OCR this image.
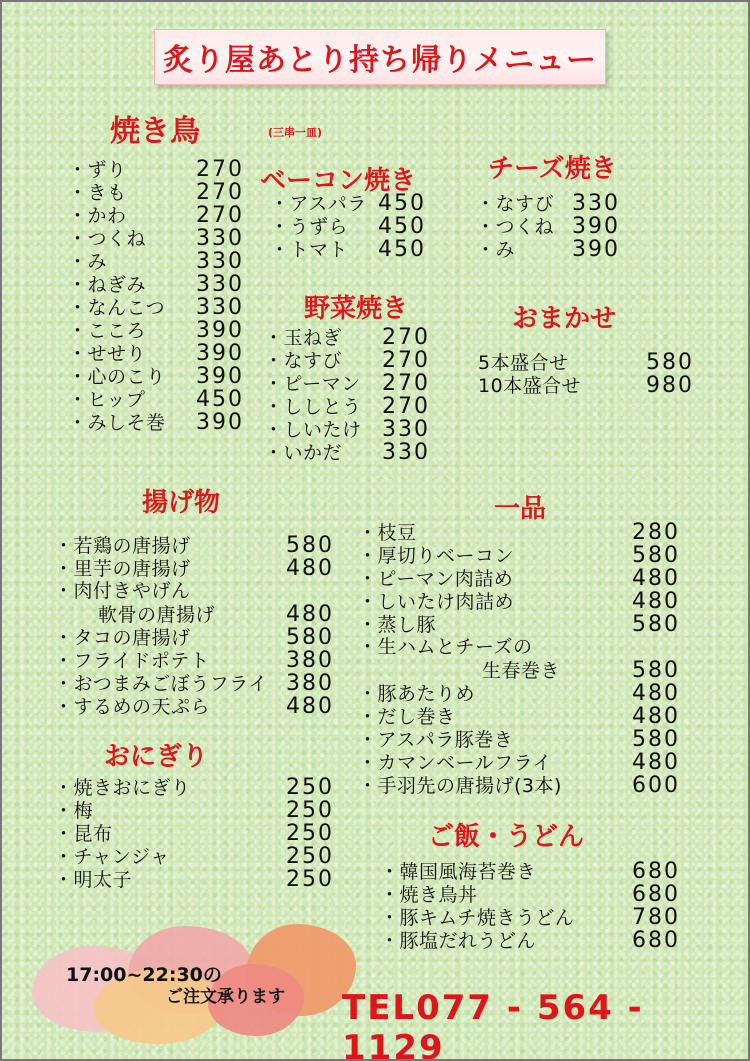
炙り屋あとり持ち帰りメニュー
焼き鳥	(三串一皿)
・ずり	270
・きも	270
・かわ	270
・つくね 330
・み	330
・ねぎみ 330
・なんこつ 330
・こころ 390
・せせり 390
・心のこり 390
・ヒップ 450
・みしそ巻 390
ベーコン焼き
・アスパラ 450
・うずら 450
・トマト 450
チーズ焼き
・なすび 330
・つくね 390
・み	390
野菜焼き
・玉ねぎ 270
・なすび 270
・ピーマン 270
・ししとう 270
・しいたけ 330
・いかだ 330
おまかせ
5本盛合せ	580
10本盛合せ	980
揚げ物
・若鶏の唐揚げ	580
・里芋の唐揚げ	480
・肉付きやげん
軟骨の唐揚げ	480
・タコの唐揚げ	580
・フライドポテト	380
・おつまみごぼうフライ 380
・するめの天ぷら	480
一品
・枝豆	280
・厚切りベーコン	580
・ピーマン肉詰め	480
・しいたけ肉詰め	480
・蒸し豚	580
・生ハムとチーズの
生春巻き	580
・豚あたりめ	480
・だし巻き	480
・アスパラ豚巻き	580
・カマンベールフライ	480
・手羽先の唐揚げ(3本)	600
おにぎり
・焼きおにぎり	250
・梅	250
・昆布	250
・チャンジャ	250
・明太子	250
ご飯・うどん
・韓国風海苔巻き	680
・焼き鳥丼	680
・豚キムチ焼きうどん	780
・豚塩だれうどん	680
17:00~22:30の
ご注文承ります TEL077 - 564 - 1129
